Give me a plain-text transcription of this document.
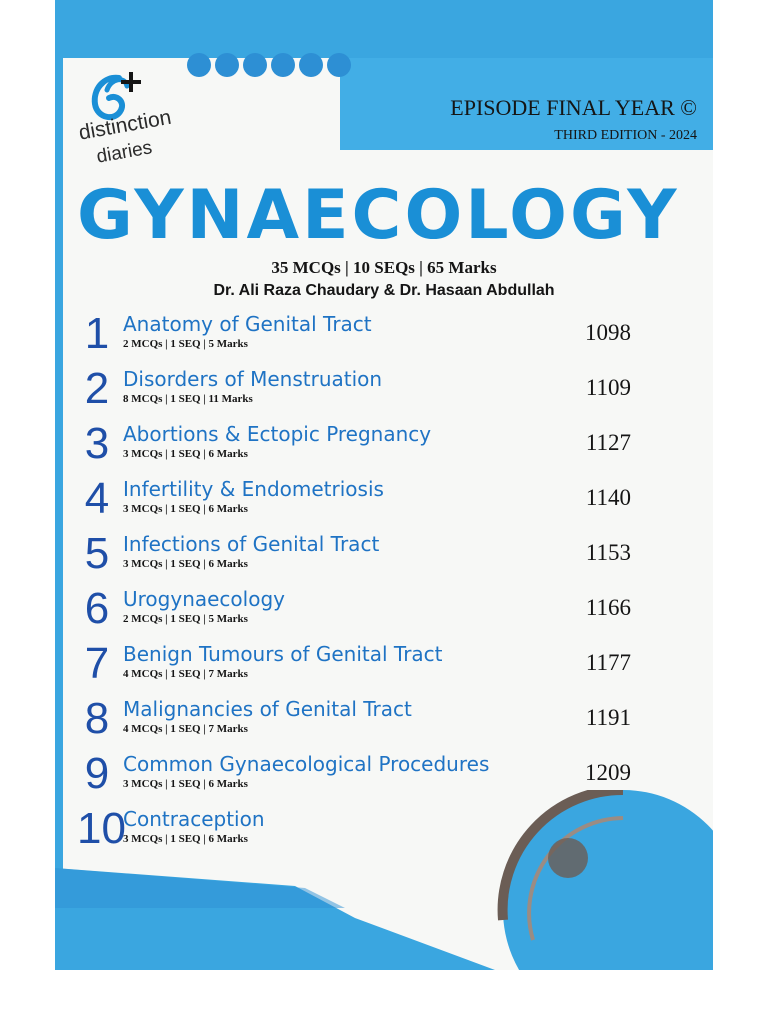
distinction
diaries
EPISODE FINAL YEAR ©
THIRD EDITION - 2024
GYNAECOLOGY
35 MCQs | 10 SEQs | 65 Marks
Dr. Ali Raza Chaudary & Dr. Hasaan Abdullah
1 Anatomy of Genital Tract
2 MCQs | 1 SEQ | 5 Marks	1098
2 Disorders of Menstruation
8 MCQs | 1 SEQ | 11 Marks	1109
3 Abortions & Ectopic Pregnancy
3 MCQs | 1 SEQ | 6 Marks	1127
4 Infertility & Endometriosis
3 MCQs | 1 SEQ | 6 Marks	1140
5 Infections of Genital Tract
3 MCQs | 1 SEQ | 6 Marks	1153
6 Urogynaecology
2 MCQs | 1 SEQ | 5 Marks	1166
7 Benign Tumours of Genital Tract
4 MCQs | 1 SEQ | 7 Marks	1177
8 Malignancies of Genital Tract
4 MCQs | 1 SEQ | 7 Marks	1191
9 Common Gynaecological Procedures
3 MCQs | 1 SEQ | 6 Marks	1209
10
Contraception
3 MCQs | 1 SEQ | 6 Marks
